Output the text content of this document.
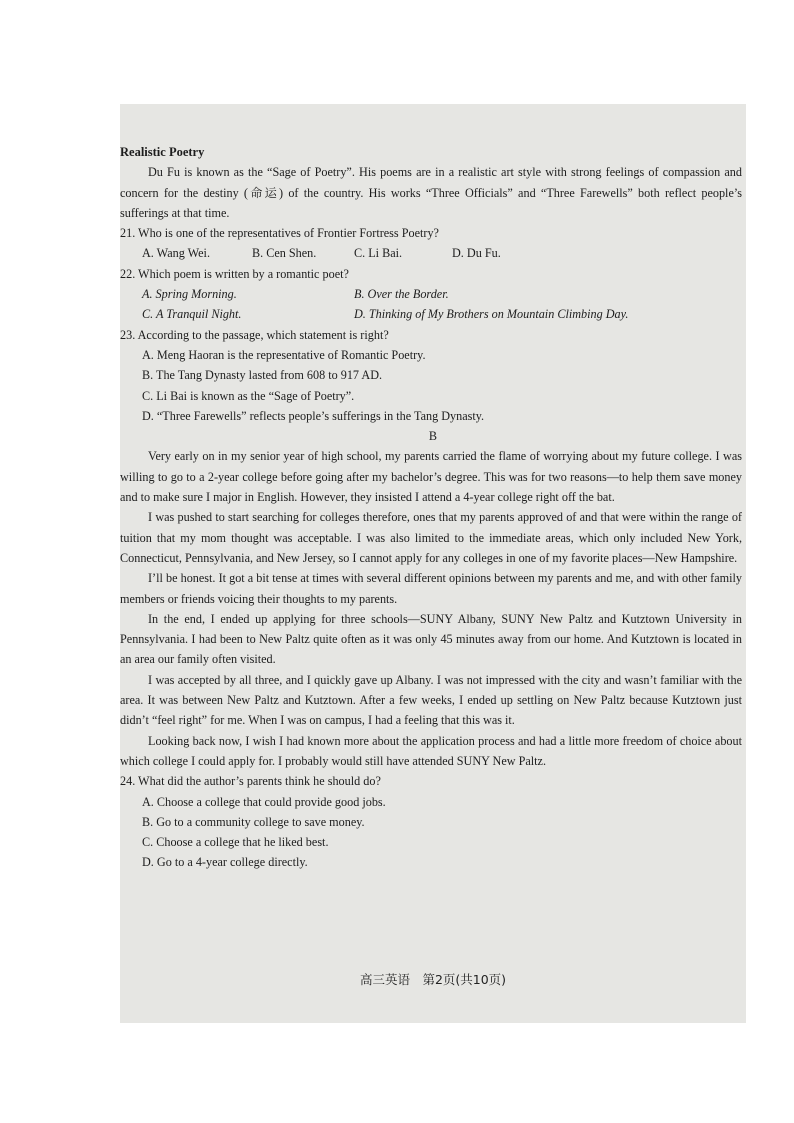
Realistic Poetry

Du Fu is known as the “Sage of Poetry”. His poems are in a realistic art style with strong feelings of compassion and concern for the destiny (命运) of the country. His works “Three Officials” and “Three Farewells” both reflect people’s sufferings at that time.

21. Who is one of the representatives of Frontier Fortress Poetry?

A. Wang Wei.	B. Cen Shen.	C. Li Bai.	D. Du Fu.

22. Which poem is written by a romantic poet?

A. Spring Morning.	B. Over the Border.
C. A Tranquil Night.	D. Thinking of My Brothers on Mountain Climbing Day.

23. According to the passage, which statement is right?

A. Meng Haoran is the representative of Romantic Poetry.

B. The Tang Dynasty lasted from 608 to 917 AD.

C. Li Bai is known as the “Sage of Poetry”.

D. “Three Farewells” reflects people’s sufferings in the Tang Dynasty.

B

Very early on in my senior year of high school, my parents carried the flame of worrying about my future college. I was willing to go to a 2-year college before going after my bachelor’s degree. This was for two reasons—to help them save money and to make sure I major in English. However, they insisted I attend a 4-year college right off the bat.

I was pushed to start searching for colleges therefore, ones that my parents approved of and that were within the range of tuition that my mom thought was acceptable. I was also limited to the immediate areas, which only included New York, Connecticut, Pennsylvania, and New Jersey, so I cannot apply for any colleges in one of my favorite places—New Hampshire.

I’ll be honest. It got a bit tense at times with several different opinions between my parents and me, and with other family members or friends voicing their thoughts to my parents.

In the end, I ended up applying for three schools—SUNY Albany, SUNY New Paltz and Kutztown University in Pennsylvania. I had been to New Paltz quite often as it was only 45 minutes away from our home. And Kutztown is located in an area our family often visited.

I was accepted by all three, and I quickly gave up Albany. I was not impressed with the city and wasn’t familiar with the area. It was between New Paltz and Kutztown. After a few weeks, I ended up settling on New Paltz because Kutztown just didn’t “feel right” for me. When I was on campus, I had a feeling that this was it.

Looking back now, I wish I had known more about the application process and had a little more freedom of choice about which college I could apply for. I probably would still have attended SUNY New Paltz.

24. What did the author’s parents think he should do?

A. Choose a college that could provide good jobs.

B. Go to a community college to save money.

C. Choose a college that he liked best.

D. Go to a 4-year college directly.

高三英语　第2页(共10页)
